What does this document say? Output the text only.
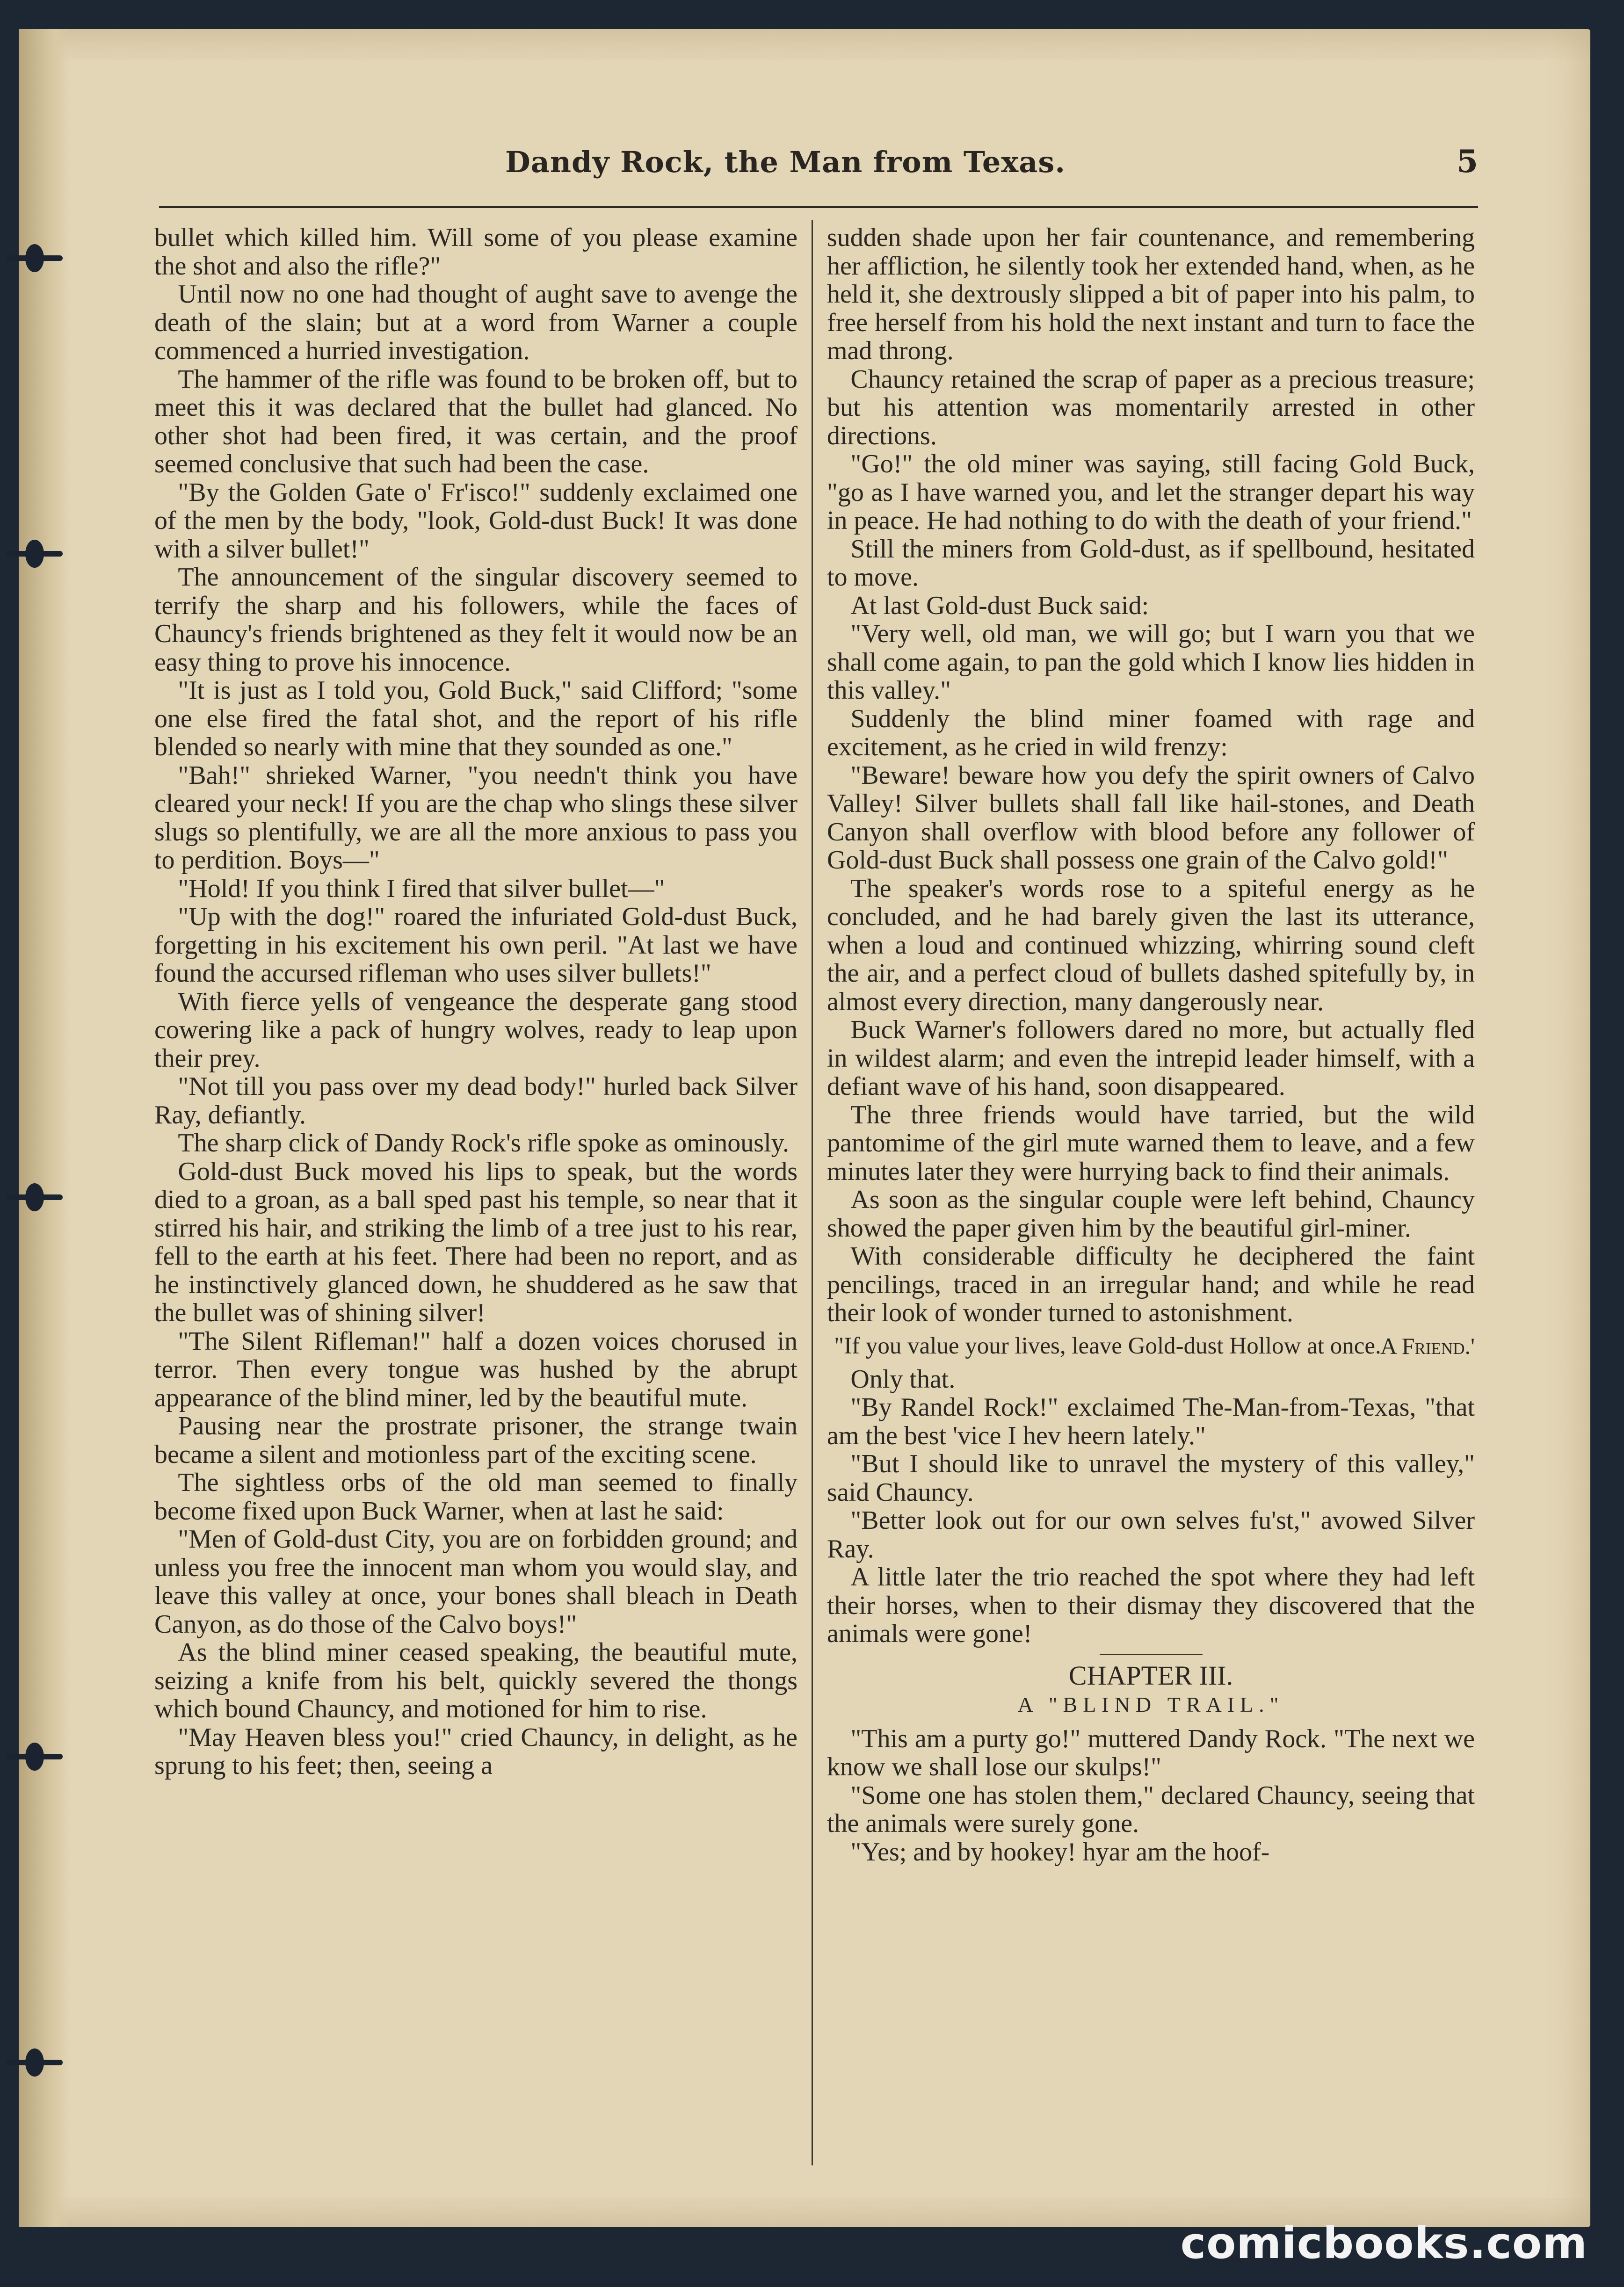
Dandy Rock, the Man from Texas.	5

bullet which killed him. Will some of you please examine the shot and also the rifle?"

Until now no one had thought of aught save to avenge the death of the slain; but at a word from Warner a couple commenced a hurried investigation.

The hammer of the rifle was found to be broken off, but to meet this it was declared that the bullet had glanced. No other shot had been fired, it was certain, and the proof seemed conclusive that such had been the case.

"By the Golden Gate o' Fr'isco!" suddenly exclaimed one of the men by the body, "look, Gold-dust Buck! It was done with a silver bullet!"

The announcement of the singular discovery seemed to terrify the sharp and his followers, while the faces of Chauncy's friends brightened as they felt it would now be an easy thing to prove his innocence.

"It is just as I told you, Gold Buck," said Clifford; "some one else fired the fatal shot, and the report of his rifle blended so nearly with mine that they sounded as one."

"Bah!" shrieked Warner, "you needn't think you have cleared your neck! If you are the chap who slings these silver slugs so plentifully, we are all the more anxious to pass you to perdition. Boys—"

"Hold! If you think I fired that silver bullet—"

"Up with the dog!" roared the infuriated Gold-dust Buck, forgetting in his excitement his own peril. "At last we have found the accursed rifleman who uses silver bullets!"

With fierce yells of vengeance the desperate gang stood cowering like a pack of hungry wolves, ready to leap upon their prey.

"Not till you pass over my dead body!" hurled back Silver Ray, defiantly.

The sharp click of Dandy Rock's rifle spoke as ominously.

Gold-dust Buck moved his lips to speak, but the words died to a groan, as a ball sped past his temple, so near that it stirred his hair, and striking the limb of a tree just to his rear, fell to the earth at his feet. There had been no report, and as he instinctively glanced down, he shuddered as he saw that the bullet was of shining silver!

"The Silent Rifleman!" half a dozen voices chorused in terror. Then every tongue was hushed by the abrupt appearance of the blind miner, led by the beautiful mute.

Pausing near the prostrate prisoner, the strange twain became a silent and motionless part of the exciting scene.

The sightless orbs of the old man seemed to finally become fixed upon Buck Warner, when at last he said:

"Men of Gold-dust City, you are on forbidden ground; and unless you free the innocent man whom you would slay, and leave this valley at once, your bones shall bleach in Death Canyon, as do those of the Calvo boys!"

As the blind miner ceased speaking, the beautiful mute, seizing a knife from his belt, quickly severed the thongs which bound Chauncy, and motioned for him to rise.

"May Heaven bless you!" cried Chauncy, in delight, as he sprung to his feet; then, seeing a

sudden shade upon her fair countenance, and remembering her affliction, he silently took her extended hand, when, as he held it, she dextrously slipped a bit of paper into his palm, to free herself from his hold the next instant and turn to face the mad throng.

Chauncy retained the scrap of paper as a precious treasure; but his attention was momentarily arrested in other directions.

"Go!" the old miner was saying, still facing Gold Buck, "go as I have warned you, and let the stranger depart his way in peace. He had nothing to do with the death of your friend."

Still the miners from Gold-dust, as if spellbound, hesitated to move.

At last Gold-dust Buck said:

"Very well, old man, we will go; but I warn you that we shall come again, to pan the gold which I know lies hidden in this valley."

Suddenly the blind miner foamed with rage and excitement, as he cried in wild frenzy:

"Beware! beware how you defy the spirit owners of Calvo Valley! Silver bullets shall fall like hail-stones, and Death Canyon shall overflow with blood before any follower of Gold-dust Buck shall possess one grain of the Calvo gold!"

The speaker's words rose to a spiteful energy as he concluded, and he had barely given the last its utterance, when a loud and continued whizzing, whirring sound cleft the air, and a perfect cloud of bullets dashed spitefully by, in almost every direction, many dangerously near.

Buck Warner's followers dared no more, but actually fled in wildest alarm; and even the intrepid leader himself, with a defiant wave of his hand, soon disappeared.

The three friends would have tarried, but the wild pantomime of the girl mute warned them to leave, and a few minutes later they were hurrying back to find their animals.

As soon as the singular couple were left behind, Chauncy showed the paper given him by the beautiful girl-miner.

With considerable difficulty he deciphered the faint pencilings, traced in an irregular hand; and while he read their look of wonder turned to astonishment.

"If you value your lives, leave Gold-dust Hollow at once.

A Friend.'

Only that.

"By Randel Rock!" exclaimed The-Man-from-Texas, "that am the best 'vice I hev heern lately."

"But I should like to unravel the mystery of this valley," said Chauncy.

"Better look out for our own selves fu'st," avowed Silver Ray.

A little later the trio reached the spot where they had left their horses, when to their dismay they discovered that the animals were gone!

CHAPTER III.
A "BLIND TRAIL."

"This am a purty go!" muttered Dandy Rock. "The next we know we shall lose our skulps!"

"Some one has stolen them," declared Chauncy, seeing that the animals were surely gone.

"Yes; and by hookey! hyar am the hoof-

comicbooks.com
